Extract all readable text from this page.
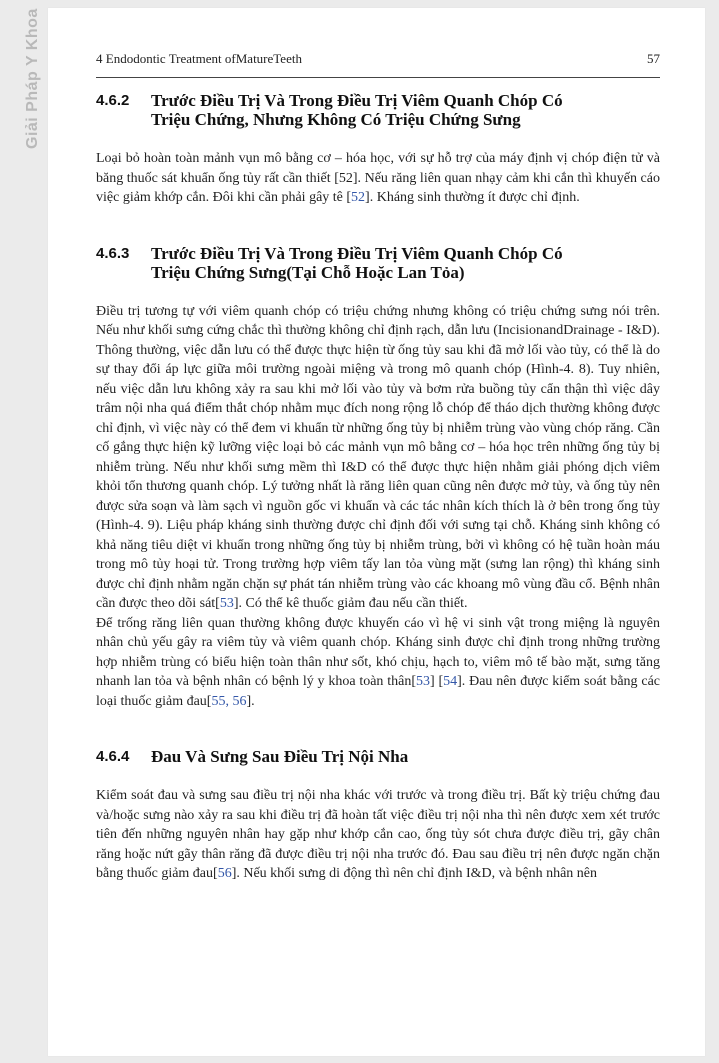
Giải Pháp Y Khoa	4 Endodontic Treatment ofMatureTeeth	57
4.6.2	Trước Điều Trị Và Trong Điều Trị Viêm Quanh Chóp Có Triệu Chứng, Nhưng Không Có Triệu Chứng Sưng

Loại bỏ hoàn toàn mảnh vụn mô bằng cơ – hóa học, với sự hỗ trợ của máy định vị chóp điện tử và băng thuốc sát khuẩn ống tủy rất cần thiết [52]. Nếu răng liên quan nhạy cảm khi cắn thì khuyến cáo việc giảm khớp cắn. Đôi khi cần phải gây tê [52]. Kháng sinh thường ít được chỉ định.

4.6.3	Trước Điều Trị Và Trong Điều Trị Viêm Quanh Chóp Có Triệu Chứng Sưng(Tại Chỗ Hoặc Lan Tỏa)

Điều trị tương tự với viêm quanh chóp có triệu chứng nhưng không có triệu chứng sưng nói trên. Nếu như khối sưng cứng chắc thì thường không chỉ định rạch, dẫn lưu (IncisionandDrainage - I&D). Thông thường, việc dẫn lưu có thể được thực hiện từ ống tủy sau khi đã mở lối vào tủy, có thể là do sự thay đổi áp lực giữa môi trường ngoài miệng và trong mô quanh chóp (Hình-4. 8). Tuy nhiên, nếu việc dẫn lưu không xảy ra sau khi mở lối vào tủy và bơm rửa buồng tủy cẩn thận thì việc dây trâm nội nha quá điểm thắt chóp nhằm mục đích nong rộng lỗ chóp để tháo dịch thường không được chỉ định, vì việc này có thể đem vi khuẩn từ những ống tủy bị nhiễm trùng vào vùng chóp răng. Cần cố gắng thực hiện kỹ lưỡng việc loại bỏ các mảnh vụn mô bằng cơ – hóa học trên những ống tủy bị nhiễm trùng. Nếu như khối sưng mềm thì I&D có thể được thực hiện nhằm giải phóng dịch viêm khỏi tổn thương quanh chóp. Lý tưởng nhất là răng liên quan cũng nên được mở tủy, và ống tủy nên được sửa soạn và làm sạch vì nguồn gốc vi khuẩn và các tác nhân kích thích là ở bên trong ống tủy (Hình-4. 9). Liệu pháp kháng sinh thường được chỉ định đối với sưng tại chỗ. Kháng sinh không có khả năng tiêu diệt vi khuẩn trong những ống tủy bị nhiễm trùng, bởi vì không có hệ tuần hoàn máu trong mô tủy hoại tử. Trong trường hợp viêm tấy lan tỏa vùng mặt (sưng lan rộng) thì kháng sinh được chỉ định nhằm ngăn chặn sự phát tán nhiễm trùng vào các khoang mô vùng đầu cổ. Bệnh nhân cần được theo dõi sát[53]. Có thể kê thuốc giảm đau nếu cần thiết.
Để trống răng liên quan thường không được khuyến cáo vì hệ vi sinh vật trong miệng là nguyên nhân chủ yếu gây ra viêm tủy và viêm quanh chóp. Kháng sinh được chỉ định trong những trường hợp nhiễm trùng có biểu hiện toàn thân như sốt, khó chịu, hạch to, viêm mô tế bào mặt, sưng tăng nhanh lan tỏa và bệnh nhân có bệnh lý y khoa toàn thân[53] [54]. Đau nên được kiểm soát bằng các loại thuốc giảm đau[55, 56].

4.6.4	Đau Và Sưng Sau Điều Trị Nội Nha

Kiểm soát đau và sưng sau điều trị nội nha khác với trước và trong điều trị. Bất kỳ triệu chứng đau và/hoặc sưng nào xảy ra sau khi điều trị đã hoàn tất việc điều trị nội nha thì nên được xem xét trước tiên đến những nguyên nhân hay gặp như khớp cắn cao, ống tủy sót chưa được điều trị, gãy chân răng hoặc nứt gãy thân răng đã được điều trị nội nha trước đó. Đau sau điều trị nên được ngăn chặn bằng thuốc giảm đau[56]. Nếu khối sưng di động thì nên chỉ định I&D, và bệnh nhân nên
